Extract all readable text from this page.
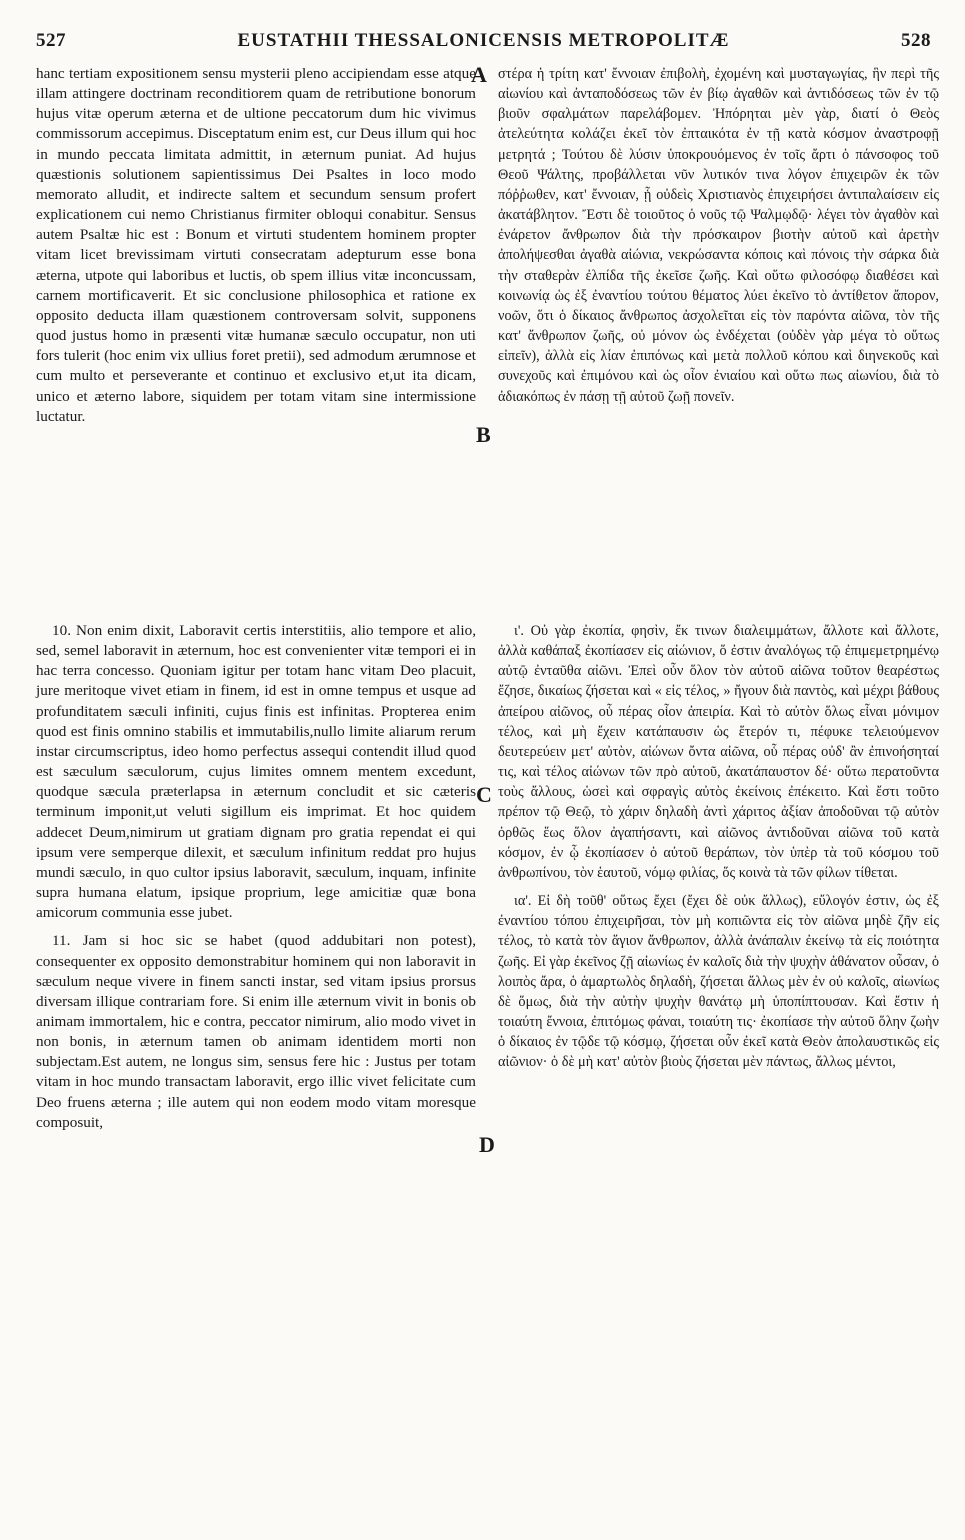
527	EUSTATHII THESSALONICENSIS METROPOLITÆ	528

hanc tertiam expositionem sensu mysterii pleno accipiendam esse atque illam attingere doctrinam reconditiorem quam de retributione bonorum hujus vitæ operum æterna et de ultione peccatorum dum hic vivimus commissorum accepimus. Disceptatum enim est, cur Deus illum qui hoc in mundo peccata limitata admittit, in æternum puniat. Ad hujus quæstionis solutionem sapientissimus Dei Psaltes in loco modo memorato alludit, et indirecte saltem et secundum sensum profert explicationem cui nemo Christianus firmiter obloqui conabitur. Sensus autem Psaltæ hic est : Bonum et virtuti studentem hominem propter vitam licet brevissimam virtuti consecratam adepturum esse bona æterna, utpote qui laboribus et luctis, ob spem illius vitæ inconcussam, carnem mortificaverit. Et sic conclusione philosophica et ratione ex opposito deducta illam quæstionem controversam solvit, supponens quod justus homo in præsenti vitæ humanæ sæculo occupatur, non uti fors tulerit (hoc enim vix ullius foret pretii), sed admodum ærumnose et cum multo et perseverante et continuo et exclusivo et,ut ita dicam, unico et æterno labore, siquidem per totam vitam sine intermissione luctatur.

10. Non enim dixit, Laboravit certis interstitiis, alio tempore et alio, sed, semel laboravit in æternum, hoc est convenienter vitæ tempori ei in hac terra concesso. Quoniam igitur per totam hanc vitam Deo placuit, jure meritoque vivet etiam in finem, id est in omne tempus et usque ad profunditatem sæculi infiniti, cujus finis est infinitas. Propterea enim quod est finis omnino stabilis et immutabilis,nullo limite aliarum rerum instar circumscriptus, ideo homo perfectus assequi contendit illud quod est sæculum sæculorum, cujus limites omnem mentem excedunt, quodque sæcula præterlapsa in æternum concludit et sic cæteris terminum imponit,ut veluti sigillum eis imprimat. Et hoc quidem addecet Deum,nimirum ut gratiam dignam pro gratia rependat ei qui ipsum vere semperque dilexit, et sæculum infinitum reddat pro hujus mundi sæculo, in quo cultor ipsius laboravit, sæculum, inquam, infinite supra humana elatum, ipsique proprium, lege amicitiæ quæ bona amicorum communia esse jubet.

11. Jam si hoc sic se habet (quod addubitari non potest), consequenter ex opposito demonstrabitur hominem qui non laboravit in sæculum neque vivere in finem sancti instar, sed vitam ipsius prorsus diversam illique contrariam fore. Si enim ille æternum vivit in bonis ob animam immortalem, hic e contra, peccator nimirum, alio modo vivet in non bonis, in æternum tamen ob animam identidem morti non subjectam.Est autem, ne longus sim, sensus fere hic : Justus per totam vitam in hoc mundo transactam laboravit, ergo illic vivet felicitate cum Deo fruens æterna ; ille autem qui non eodem modo vitam moresque composuit,

στέρα ἡ τρίτη κατ' ἔννοιαν ἐπιβολὴ, ἐχομένη καὶ μυσταγωγίας, ἣν περὶ τῆς αἰωνίου καὶ ἀνταποδόσεως τῶν ἐν βίῳ ἀγαθῶν καὶ ἀντιδόσεως τῶν ἐν τῷ βιοῦν σφαλμάτων παρελάβομεν. Ἠπόρηται μὲν γὰρ, διατί ὁ Θεὸς ἀτελεύτητα κολάζει ἐκεῖ τὸν ἐπταικότα ἐν τῇ κατὰ κόσμον ἀναστροφῇ μετρητά ; Τούτου δὲ λύσιν ὑποκρουόμενος ἐν τοῖς ἄρτι ὁ πάνσοφος τοῦ Θεοῦ Ψάλτης, προβάλλεται νῦν λυτικόν τινα λόγον ἐπιχειρῶν ἐκ τῶν πόῤῥωθεν, κατ' ἔννοιαν, ᾗ οὐδεὶς Χριστιανὸς ἐπιχειρήσει ἀντιπαλαίσειν εἰς ἀκατάβλητον. Ἔστι δὲ τοιοῦτος ὁ νοῦς τῷ Ψαλμῳδῷ· λέγει τὸν ἀγαθὸν καὶ ἐνάρετον ἄνθρωπον διὰ τὴν πρόσκαιρον βιοτὴν αὐτοῦ καὶ ἀρετὴν ἀπολήψεσθαι ἀγαθὰ αἰώνια, νεκρώσαντα κόποις καὶ πόνοις τὴν σάρκα διὰ τὴν σταθερὰν ἐλπίδα τῆς ἐκεῖσε ζωῆς. Καὶ οὕτω φιλοσόφῳ διαθέσει καὶ κοινωνίᾳ ὡς ἐξ ἐναντίου τούτου θέματος λύει ἐκεῖνο τὸ ἀντίθετον ἄπορον, νοῶν, ὅτι ὁ δίκαιος ἄνθρωπος ἀσχολεῖται εἰς τὸν παρόντα αἰῶνα, τὸν τῆς κατ' ἄνθρωπον ζωῆς, οὐ μόνον ὡς ἐνδέχεται (οὐδὲν γὰρ μέγα τὸ οὕτως εἰπεῖν), ἀλλὰ εἰς λίαν ἐπιπόνως καὶ μετὰ πολλοῦ κόπου καὶ διηνεκοῦς καὶ συνεχοῦς καὶ ἐπιμόνου καὶ ὡς οἷον ἐνιαίου καὶ οὕτω πως αἰωνίου, διὰ τὸ ἀδιακόπως ἐν πάσῃ τῇ αὐτοῦ ζωῇ πονεῖν.

ι'. Οὐ γὰρ ἐκοπία, φησὶν, ἔκ τινων διαλειμμάτων, ἄλλοτε καὶ ἄλλοτε, ἀλλὰ καθάπαξ ἐκοπίασεν εἰς αἰώνιον, ὅ ἐστιν ἀναλόγως τῷ ἐπιμεμετρημένῳ αὐτῷ ἐνταῦθα αἰῶνι. Ἐπεὶ οὖν ὅλον τὸν αὐτοῦ αἰῶνα τοῦτον θεαρέστως ἔζησε, δικαίως ζήσεται καὶ « εἰς τέλος, » ἤγουν διὰ παντὸς, καὶ μέχρι βάθους ἀπείρου αἰῶνος, οὗ πέρας οἷον ἀπειρία. Καὶ τὸ αὐτὸν ὅλως εἶναι μόνιμον τέλος, καὶ μὴ ἔχειν κατάπαυσιν ὡς ἕτερόν τι, πέφυκε τελειούμενον δευτερεύειν μετ' αὐτὸν, αἰώνων ὄντα αἰῶνα, οὗ πέρας οὐδ' ἂν ἐπινοήσηταί τις, καὶ τέλος αἰώνων τῶν πρὸ αὐτοῦ, ἀκατάπαυστον δέ· οὕτω περατοῦντα τοὺς ἄλλους, ὡσεὶ καὶ σφραγὶς αὐτὸς ἐκείνοις ἐπέκειτο. Καὶ ἔστι τοῦτο πρέπον τῷ Θεῷ, τὸ χάριν δηλαδὴ ἀντὶ χάριτος ἀξίαν ἀποδοῦναι τῷ αὐτὸν ὀρθῶς ἕως ὅλον ἀγαπήσαντι, καὶ αἰῶνος ἀντιδοῦναι αἰῶνα τοῦ κατὰ κόσμον, ἐν ᾧ ἐκοπίασεν ὁ αὐτοῦ θεράπων, τὸν ὑπὲρ τὰ τοῦ κόσμου τοῦ ἀνθρωπίνου, τὸν ἑαυτοῦ, νόμῳ φιλίας, ὅς κοινὰ τὰ τῶν φίλων τίθεται.

ια'. Εἰ δὴ τοῦθ' οὕτως ἔχει (ἔχει δὲ οὐκ ἄλλως), εὔλογόν ἐστιν, ὡς ἐξ ἐναντίου τόπου ἐπιχειρῆσαι, τὸν μὴ κοπιῶντα εἰς τὸν αἰῶνα μηδὲ ζῆν εἰς τέλος, τὸ κατὰ τὸν ἅγιον ἄνθρωπον, ἀλλὰ ἀνάπαλιν ἐκείνῳ τὰ εἰς ποιότητα ζωῆς. Εἰ γὰρ ἐκεῖνος ζῇ αἰωνίως ἐν καλοῖς διὰ τὴν ψυχὴν ἀθάνατον οὖσαν, ὁ λοιπὸς ἄρα, ὁ ἁμαρτωλὸς δηλαδὴ, ζήσεται ἄλλως μὲν ἐν οὐ καλοῖς, αἰωνίως δὲ ὅμως, διὰ τὴν αὐτὴν ψυχὴν θανάτῳ μὴ ὑποπίπτουσαν. Καὶ ἔστιν ἡ τοιαύτη ἔννοια, ἐπιτόμως φάναι, τοιαύτη τις· ἐκοπίασε τὴν αὐτοῦ ὅλην ζωὴν ὁ δίκαιος ἐν τῷδε τῷ κόσμῳ, ζήσεται οὖν ἐκεῖ κατὰ Θεὸν ἀπολαυστικῶς εἰς αἰῶνιον· ὁ δὲ μὴ κατ' αὐτὸν βιοὺς ζήσεται μὲν πάντως, ἄλλως μέντοι,

A
B
C
D
